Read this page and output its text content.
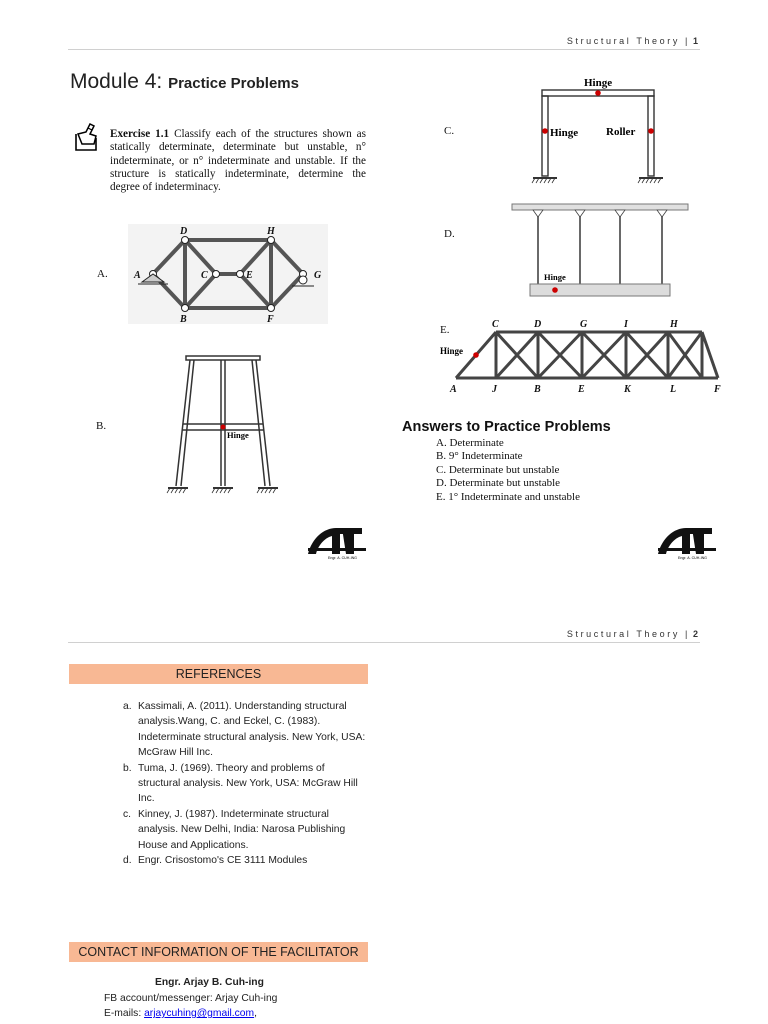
Structural Theory | 1
Module 4: Practice Problems

Exercise 1.1 Classify each of the structures shown as statically determinate, determinate but unstable, n° indeterminate, or n° indeterminate and unstable. If the structure is statically indeterminate, determine the degree of indeterminacy.

A.
D	H
A	C	E	G
B	F
B.
Hinge
C.
Hinge
Hinge	Roller
D.
Hinge
E.
Hinge
C	D	G	I	H
A	J	B	E	K	L	F
Answers to Practice Problems
A. Determinate
B. 9° Indeterminate
C. Determinate but unstable
D. Determinate but unstable
E. 1° Indeterminate and unstable
Engr. A. CUH-ING	Engr. A. CUH-ING
Structural Theory | 2
REFERENCES
a. Kassimali, A. (2011). Understanding structural analysis.Wang, C. and Eckel, C. (1983). Indeterminate structural analysis. New York, USA: McGraw Hill Inc.
b. Tuma, J. (1969). Theory and problems of structural analysis. New York, USA: McGraw Hill Inc.
c. Kinney, J. (1987). Indeterminate structural analysis. New Delhi, India: Narosa Publishing House and Applications.
d. Engr. Crisostomo's CE 3111 Modules
CONTACT INFORMATION OF THE FACILITATOR
Engr. Arjay B. Cuh-ing
FB account/messenger: Arjay Cuh-ing
E-mails: arjaycuhing@gmail.com,
